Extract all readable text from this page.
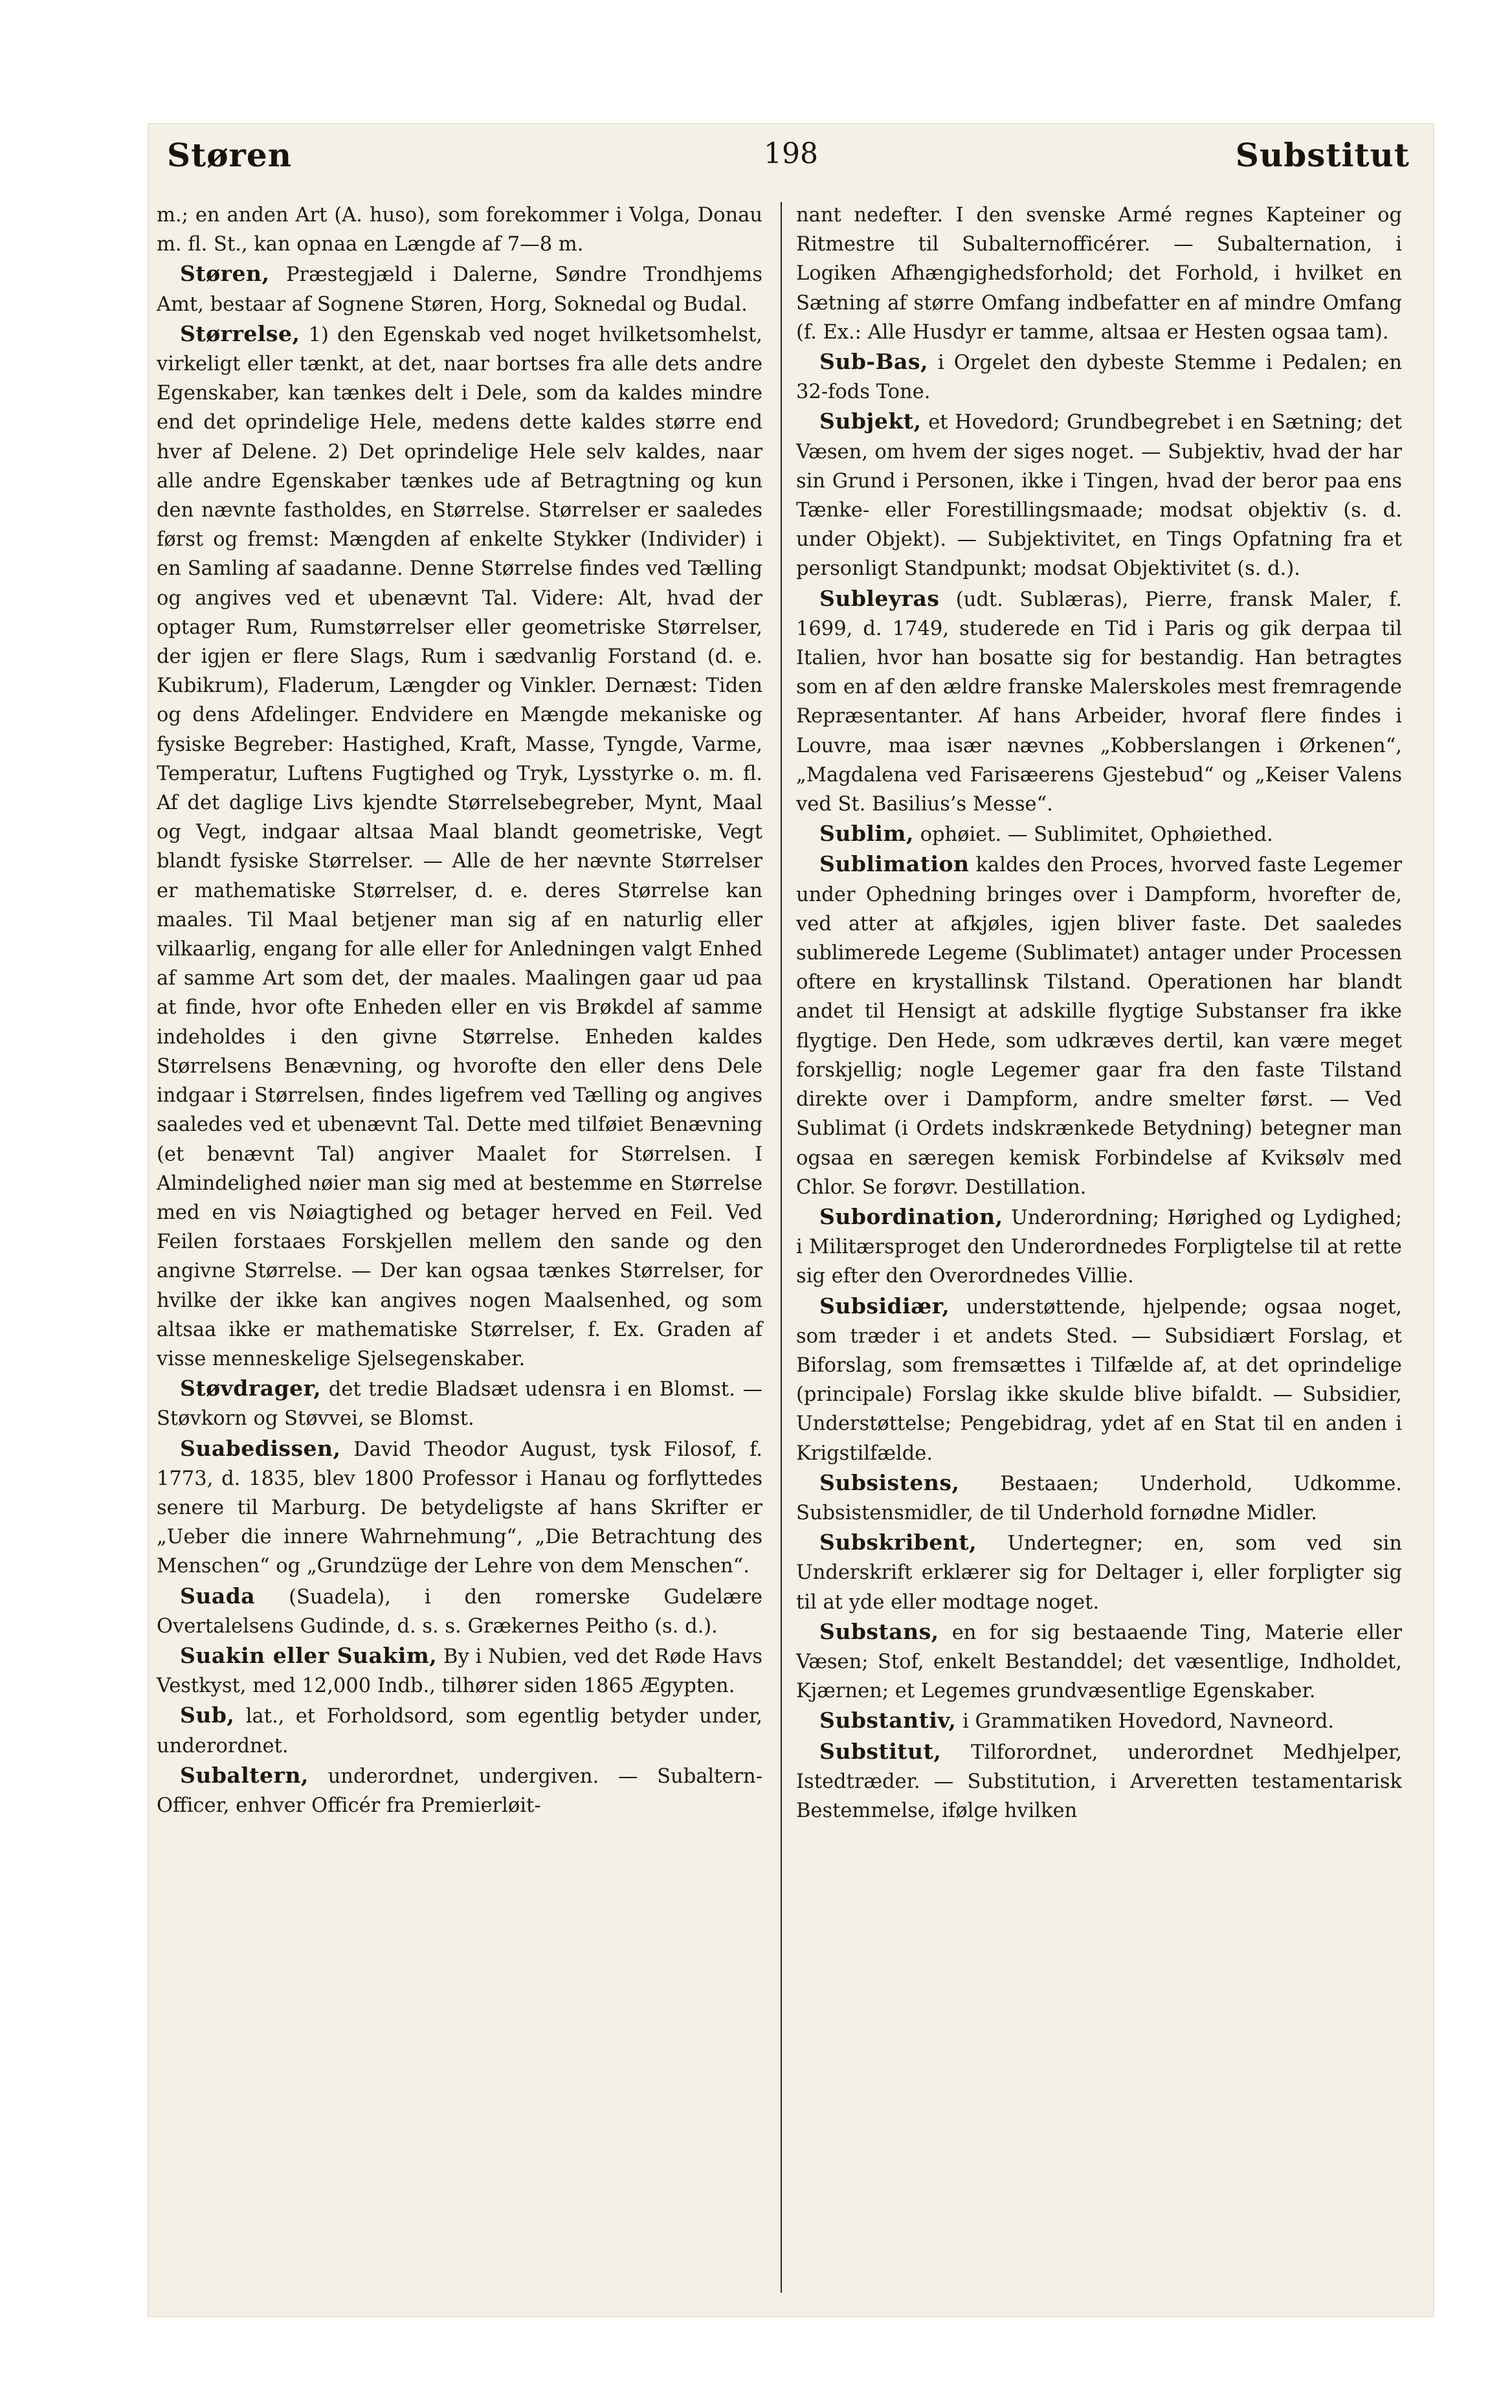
Støren	198	Substitut

m.; en anden Art (A. huso), som forekommer i Volga, Donau m. fl. St., kan opnaa en Længde af 7—8 m.

Støren, Præstegjæld i Dalerne, Søndre Trondhjems Amt, bestaar af Sognene Støren, Horg, Soknedal og Budal.

Størrelse, 1) den Egenskab ved noget hvilketsomhelst, virkeligt eller tænkt, at det, naar bortses fra alle dets andre Egenskaber, kan tænkes delt i Dele, som da kaldes mindre end det oprindelige Hele, medens dette kaldes større end hver af Delene. 2) Det oprindelige Hele selv kaldes, naar alle andre Egenskaber tænkes ude af Betragtning og kun den nævnte fastholdes, en Størrelse. Størrelser er saaledes først og fremst: Mængden af enkelte Stykker (Individer) i en Samling af saadanne. Denne Størrelse findes ved Tælling og angives ved et ubenævnt Tal. Videre: Alt, hvad der optager Rum, Rumstørrelser eller geometriske Størrelser, der igjen er flere Slags, Rum i sædvanlig Forstand (d. e. Kubikrum), Fladerum, Længder og Vinkler. Dernæst: Tiden og dens Afdelinger. Endvidere en Mængde mekaniske og fysiske Begreber: Hastighed, Kraft, Masse, Tyngde, Varme, Temperatur, Luftens Fugtighed og Tryk, Lysstyrke o. m. fl. Af det daglige Livs kjendte Størrelsebegreber, Mynt, Maal og Vegt, indgaar altsaa Maal blandt geometriske, Vegt blandt fysiske Størrelser. — Alle de her nævnte Størrelser er mathematiske Størrelser, d. e. deres Størrelse kan maales. Til Maal betjener man sig af en naturlig eller vilkaarlig, engang for alle eller for Anledningen valgt Enhed af samme Art som det, der maales. Maalingen gaar ud paa at finde, hvor ofte Enheden eller en vis Brøkdel af samme indeholdes i den givne Størrelse. Enheden kaldes Størrelsens Benævning, og hvorofte den eller dens Dele indgaar i Størrelsen, findes ligefrem ved Tælling og angives saaledes ved et ubenævnt Tal. Dette med tilføiet Benævning (et benævnt Tal) angiver Maalet for Størrelsen. I Almindelighed nøier man sig med at bestemme en Størrelse med en vis Nøiagtighed og betager herved en Feil. Ved Feilen forstaaes Forskjellen mellem den sande og den angivne Størrelse. — Der kan ogsaa tænkes Størrelser, for hvilke der ikke kan angives nogen Maalsenhed, og som altsaa ikke er mathematiske Størrelser, f. Ex. Graden af visse menneskelige Sjelsegenskaber.

Støvdrager, det tredie Bladsæt udensra i en Blomst. — Støvkorn og Støvvei, se Blomst.

Suabedissen, David Theodor August, tysk Filosof, f. 1773, d. 1835, blev 1800 Professor i Hanau og forflyttedes senere til Marburg. De betydeligste af hans Skrifter er „Ueber die innere Wahrnehmung“, „Die Betrachtung des Menschen“ og „Grundzüge der Lehre von dem Menschen“.

Suada (Suadela), i den romerske Gudelære Overtalelsens Gudinde, d. s. s. Grækernes Peitho (s. d.).

Suakin eller Suakim, By i Nubien, ved det Røde Havs Vestkyst, med 12,000 Indb., tilhører siden 1865 Ægypten.

Sub, lat., et Forholdsord, som egentlig betyder under, underordnet.

Subaltern, underordnet, undergiven. — Subaltern-Officer, enhver Officér fra Premierløit-

nant nedefter. I den svenske Armé regnes Kapteiner og Ritmestre til Subalternofficérer. — Subalternation, i Logiken Afhængighedsforhold; det Forhold, i hvilket en Sætning af større Omfang indbefatter en af mindre Omfang (f. Ex.: Alle Husdyr er tamme, altsaa er Hesten ogsaa tam).

Sub-Bas, i Orgelet den dybeste Stemme i Pedalen; en 32-fods Tone.

Subjekt, et Hovedord; Grundbegrebet i en Sætning; det Væsen, om hvem der siges noget. — Subjektiv, hvad der har sin Grund i Personen, ikke i Tingen, hvad der beror paa ens Tænke- eller Forestillingsmaade; modsat objektiv (s. d. under Objekt). — Subjektivitet, en Tings Opfatning fra et personligt Standpunkt; modsat Objektivitet (s. d.).

Subleyras (udt. Sublæras), Pierre, fransk Maler, f. 1699, d. 1749, studerede en Tid i Paris og gik derpaa til Italien, hvor han bosatte sig for bestandig. Han betragtes som en af den ældre franske Malerskoles mest fremragende Repræsentanter. Af hans Arbeider, hvoraf flere findes i Louvre, maa især nævnes „Kobberslangen i Ørkenen“, „Magdalena ved Farisæerens Gjestebud“ og „Keiser Valens ved St. Basilius’s Messe“.

Sublim, ophøiet. — Sublimitet, Ophøiethed.

Sublimation kaldes den Proces, hvorved faste Legemer under Ophedning bringes over i Dampform, hvorefter de, ved atter at afkjøles, igjen bliver faste. Det saaledes sublimerede Legeme (Sublimatet) antager under Processen oftere en krystallinsk Tilstand. Operationen har blandt andet til Hensigt at adskille flygtige Substanser fra ikke flygtige. Den Hede, som udkræves dertil, kan være meget forskjellig; nogle Legemer gaar fra den faste Tilstand direkte over i Dampform, andre smelter først. — Ved Sublimat (i Ordets indskrænkede Betydning) betegner man ogsaa en særegen kemisk Forbindelse af Kviksølv med Chlor. Se forøvr. Destillation.

Subordination, Underordning; Hørighed og Lydighed; i Militærsproget den Underordnedes Forpligtelse til at rette sig efter den Overordnedes Villie.

Subsidiær, understøttende, hjelpende; ogsaa noget, som træder i et andets Sted. — Subsidiært Forslag, et Biforslag, som fremsættes i Tilfælde af, at det oprindelige (principale) Forslag ikke skulde blive bifaldt. — Subsidier, Understøttelse; Pengebidrag, ydet af en Stat til en anden i Krigstilfælde.

Subsistens, Bestaaen; Underhold, Udkomme. Subsistensmidler, de til Underhold fornødne Midler.

Subskribent, Undertegner; en, som ved sin Underskrift erklærer sig for Deltager i, eller forpligter sig til at yde eller modtage noget.

Substans, en for sig bestaaende Ting, Materie eller Væsen; Stof, enkelt Bestanddel; det væsentlige, Indholdet, Kjærnen; et Legemes grundvæsentlige Egenskaber.

Substantiv, i Grammatiken Hovedord, Navneord.

Substitut, Tilforordnet, underordnet Medhjelper, Istedtræder. — Substitution, i Arveretten testamentarisk Bestemmelse, ifølge hvilken
